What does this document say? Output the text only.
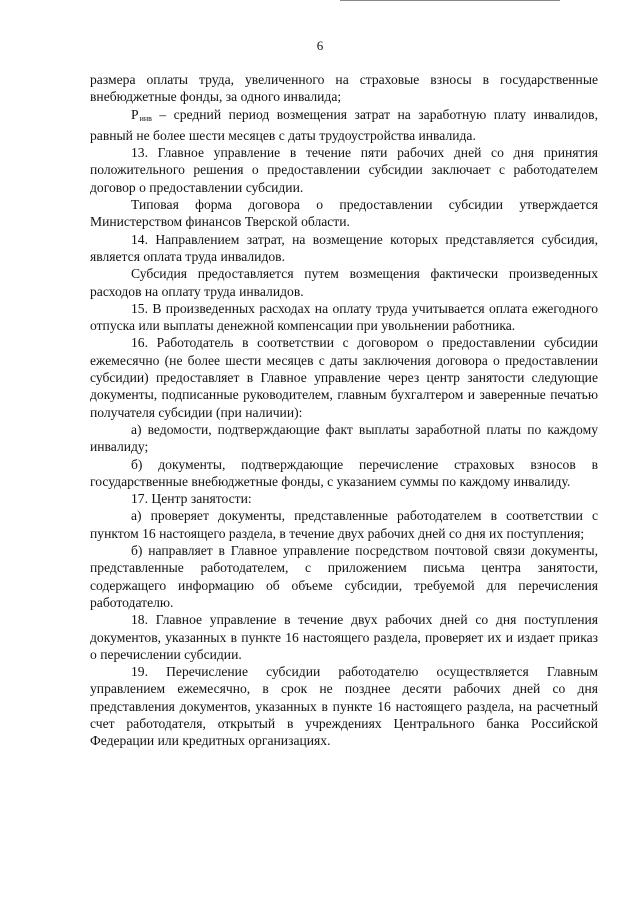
6

размера оплаты труда, увеличенного на страховые взносы в государственные внебюджетные фонды, за одного инвалида;

$Р_{инв}$ – средний период возмещения затрат на заработную плату инвалидов, равный не более шести месяцев с даты трудоустройства инвалида.

13. Главное управление в течение пяти рабочих дней со дня принятия положительного решения о предоставлении субсидии заключает с работодателем договор о предоставлении субсидии.

Типовая форма договора о предоставлении субсидии утверждается Министерством финансов Тверской области.

14. Направлением затрат, на возмещение которых представляется субсидия, является оплата труда инвалидов.

Субсидия предоставляется путем возмещения фактически произведенных расходов на оплату труда инвалидов.

15. В произведенных расходах на оплату труда учитывается оплата ежегодного отпуска или выплаты денежной компенсации при увольнении работника.

16. Работодатель в соответствии с договором о предоставлении субсидии ежемесячно (не более шести месяцев с даты заключения договора о предоставлении субсидии) предоставляет в Главное управление через центр занятости следующие документы, подписанные руководителем, главным бухгалтером и заверенные печатью получателя субсидии (при наличии):

а) ведомости, подтверждающие факт выплаты заработной платы по каждому инвалиду;

б) документы, подтверждающие перечисление страховых взносов в государственные внебюджетные фонды, с указанием суммы по каждому инвалиду.

17. Центр занятости:

а) проверяет документы, представленные работодателем в соответствии с пунктом 16 настоящего раздела, в течение двух рабочих дней со дня их поступления;

б) направляет в Главное управление посредством почтовой связи документы, представленные работодателем, с приложением письма центра занятости, содержащего информацию об объеме субсидии, требуемой для перечисления работодателю.

18. Главное управление в течение двух рабочих дней со дня поступления документов, указанных в пункте 16 настоящего раздела, проверяет их и издает приказ о перечислении субсидии.

19. Перечисление субсидии работодателю осуществляется Главным управлением ежемесячно, в срок не позднее десяти рабочих дней со дня представления документов, указанных в пункте 16 настоящего раздела, на расчетный счет работодателя, открытый в учреждениях Центрального банка Российской Федерации или кредитных организациях.
